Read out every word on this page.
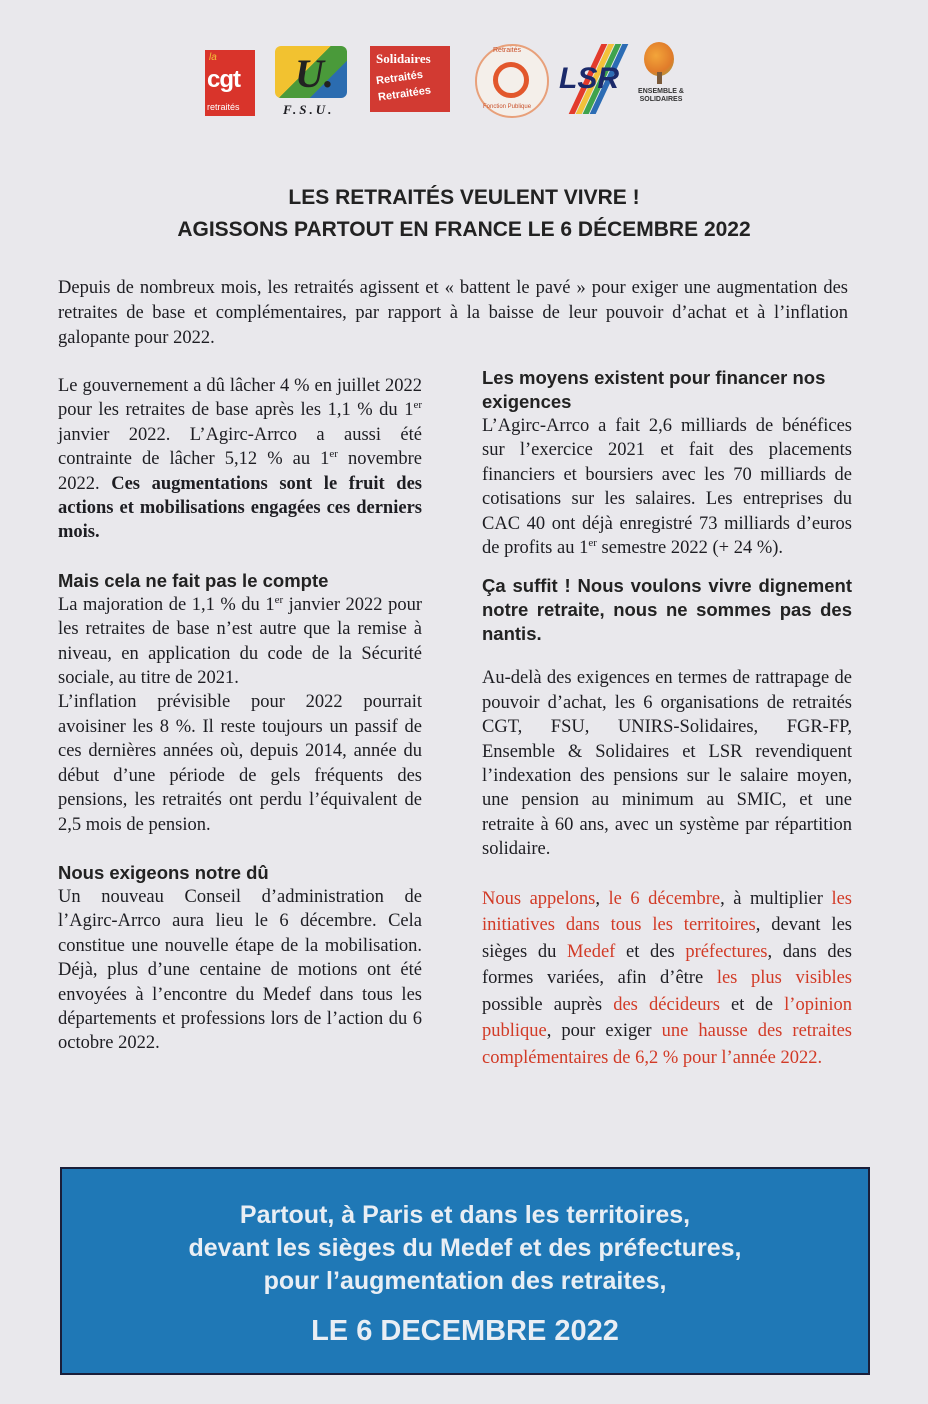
la
cgt
retraités
U.
F.S.U.
Solidaires
Retraités
Retraitées
Retraités
Fonction Publique
LSR	ENSEMBLE & SOLIDAIRES
LES RETRAITÉS VEULENT VIVRE !
AGISSONS PARTOUT EN FRANCE LE 6 DÉCEMBRE 2022
Depuis de nombreux mois, les retraités agissent et « battent le pavé » pour exiger une augmentation des retraites de base et complémentaires, par rapport à la baisse de leur pouvoir d’achat et à l’inflation galopante pour 2022.

Le gouvernement a dû lâcher 4 % en juillet 2022 pour les retraites de base après les 1,1 % du 1er janvier 2022. L’Agirc-Arrco a aussi été contrainte de lâcher 5,12 % au 1er novembre 2022. Ces augmentations sont le fruit des actions et mobilisations engagées ces derniers mois.

Mais cela ne fait pas le compte

La majoration de 1,1 % du 1er janvier 2022 pour les retraites de base n’est autre que la remise à niveau, en application du code de la Sécurité sociale, au titre de 2021.

L’inflation prévisible pour 2022 pourrait avoisiner les 8 %. Il reste toujours un passif de ces dernières années où, depuis 2014, année du début d’une période de gels fréquents des pensions, les retraités ont perdu l’équivalent de 2,5 mois de pension.

Nous exigeons notre dû

Un nouveau Conseil d’administration de l’Agirc-Arrco aura lieu le 6 décembre. Cela constitue une nouvelle étape de la mobilisation. Déjà, plus d’une centaine de motions ont été envoyées à l’encontre du Medef dans tous les départements et professions lors de l’action du 6 octobre 2022.

Les moyens existent pour financer nos exigences

L’Agirc-Arrco a fait 2,6 milliards de bénéfices sur l’exercice 2021 et fait des placements financiers et boursiers avec les 70 milliards de cotisations sur les salaires. Les entreprises du CAC 40 ont déjà enregistré 73 milliards d’euros de profits au 1er semestre 2022 (+ 24 %).

Ça suffit ! Nous voulons vivre dignement notre retraite, nous ne sommes pas des nantis.

Au-delà des exigences en termes de rattrapage de pouvoir d’achat, les 6 organisations de retraités CGT, FSU, UNIRS-Solidaires, FGR-FP, Ensemble & Solidaires et LSR revendiquent l’indexation des pensions sur le salaire moyen, une pension au minimum au SMIC, et une retraite à 60 ans, avec un système par répartition solidaire.

Nous appelons, le 6 décembre, à multiplier les initiatives dans tous les territoires, devant les sièges du Medef et des préfectures, dans des formes variées, afin d’être les plus visibles possible auprès des décideurs et de l’opinion publique, pour exiger une hausse des retraites complémentaires de 6,2 % pour l’année 2022.

Partout, à Paris et dans les territoires,
devant les sièges du Medef et des préfectures,
pour l’augmentation des retraites,
LE 6 DECEMBRE 2022
